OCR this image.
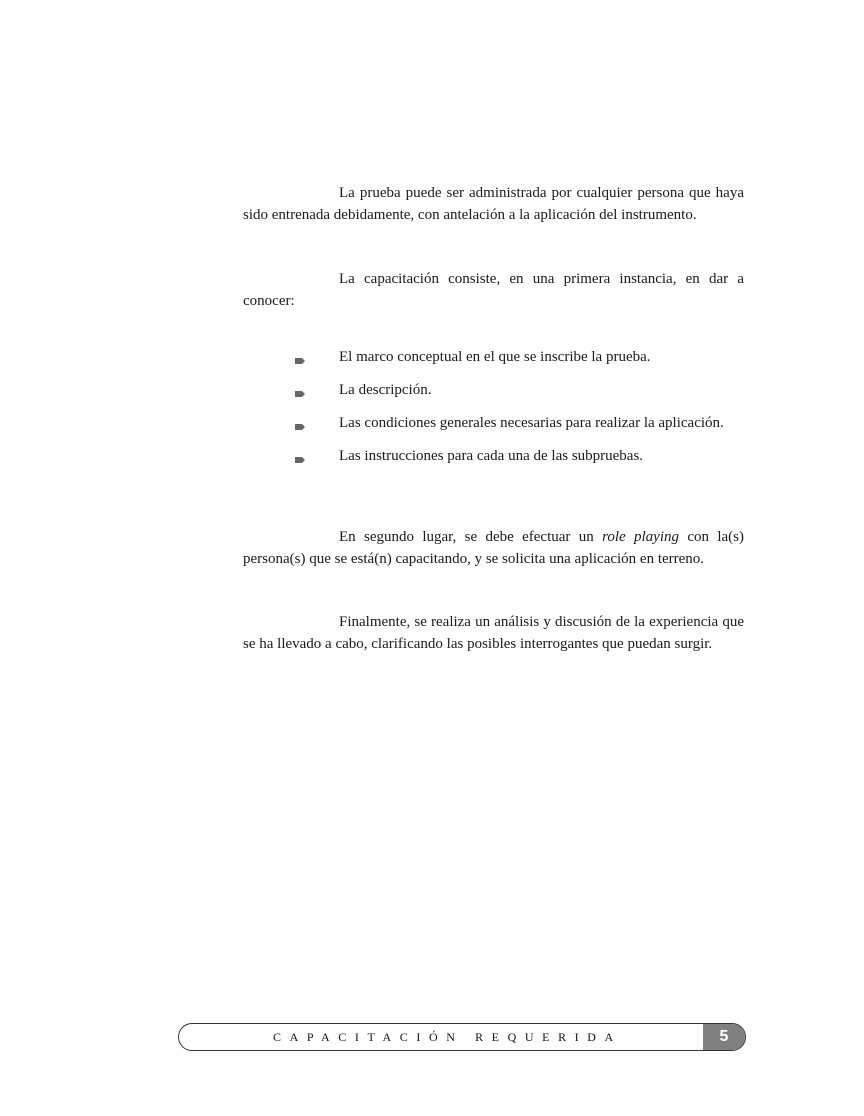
La prueba puede ser administrada por cualquier persona que haya sido entrenada debidamente, con antelación a la aplicación del instrumento.

La capacitación consiste, en una primera instancia, en dar a conocer:

El marco conceptual en el que se inscribe la prueba.
La descripción.
Las condiciones generales necesarias para realizar la aplicación.
Las instrucciones para cada una de las subpruebas.

En segundo lugar, se debe efectuar un role playing con la(s) persona(s) que se está(n) capacitando, y se solicita una aplicación en terreno.

Finalmente, se realiza un análisis y discusión de la experiencia que se ha llevado a cabo, clarificando las posibles interrogantes que puedan surgir.

CAPACITACIÓN REQUERIDA	5
